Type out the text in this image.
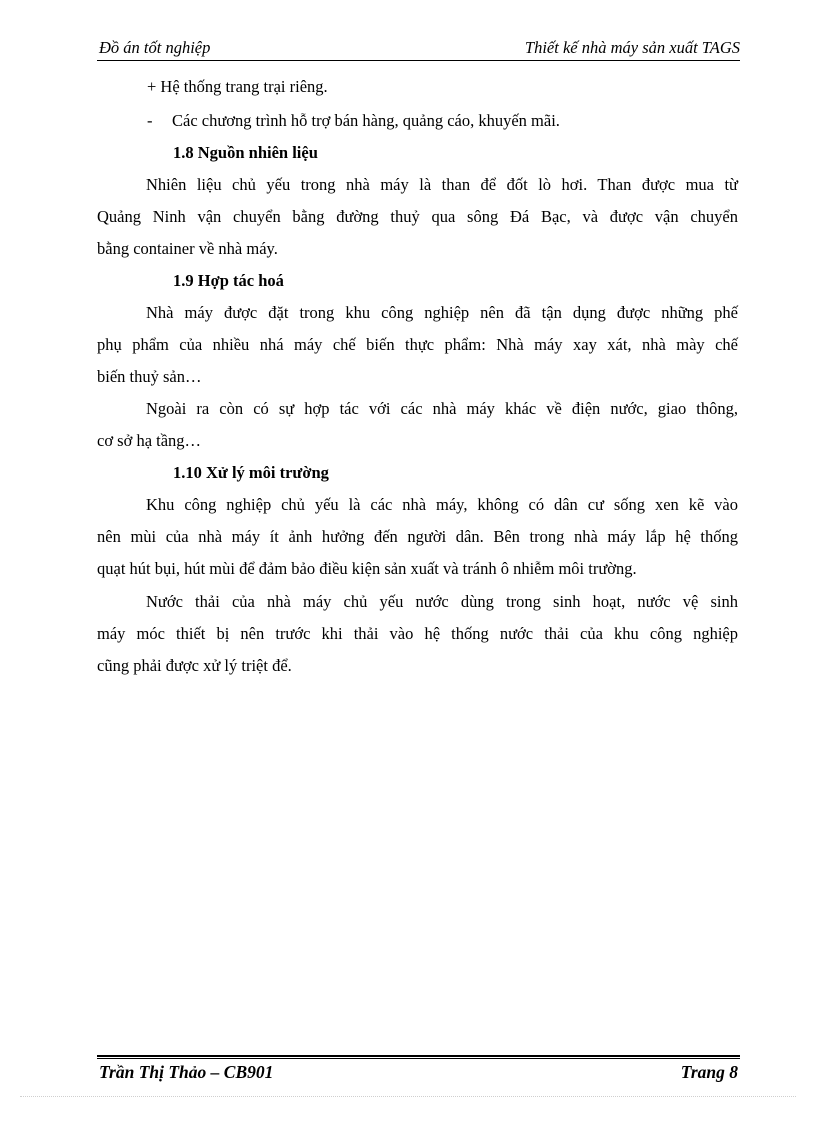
Đồ án tốt nghiệp	Thiết kế nhà máy sản xuất TAGS
+ Hệ thống trang trại riêng.
- Các chương trình hỗ trợ bán hàng, quảng cáo, khuyến mãi.
1.8 Nguồn nhiên liệu
Nhiên liệu chủ yếu trong nhà máy là than để đốt lò hơi. Than được mua từ
Quảng Ninh vận chuyển bằng đường thuỷ qua sông Đá Bạc, và được vận chuyển
bằng container về nhà máy.
1.9 Hợp tác hoá
Nhà máy được đặt trong khu công nghiệp nên đã tận dụng được những phế
phụ phẩm của nhiều nhá máy chế biến thực phẩm: Nhà máy xay xát, nhà mày chế
biến thuỷ sản…
Ngoài ra còn có sự hợp tác với các nhà máy khác về điện nước, giao thông,
cơ sở hạ tầng…
1.10 Xử lý môi trường
Khu công nghiệp chủ yếu là các nhà máy, không có dân cư sống xen kẽ vào
nên mùi của nhà máy ít ảnh hưởng đến người dân. Bên trong nhà máy lắp hệ thống
quạt hút bụi, hút mùi để đảm bảo điều kiện sản xuất và tránh ô nhiễm môi trường.
Nước thải của nhà máy chủ yếu nước dùng trong sinh hoạt, nước vệ sinh
máy móc thiết bị nên trước khi thải vào hệ thống nước thải của khu công nghiệp
cũng phải được xử lý triệt để.
Trần Thị Thảo – CB901	Trang 8
